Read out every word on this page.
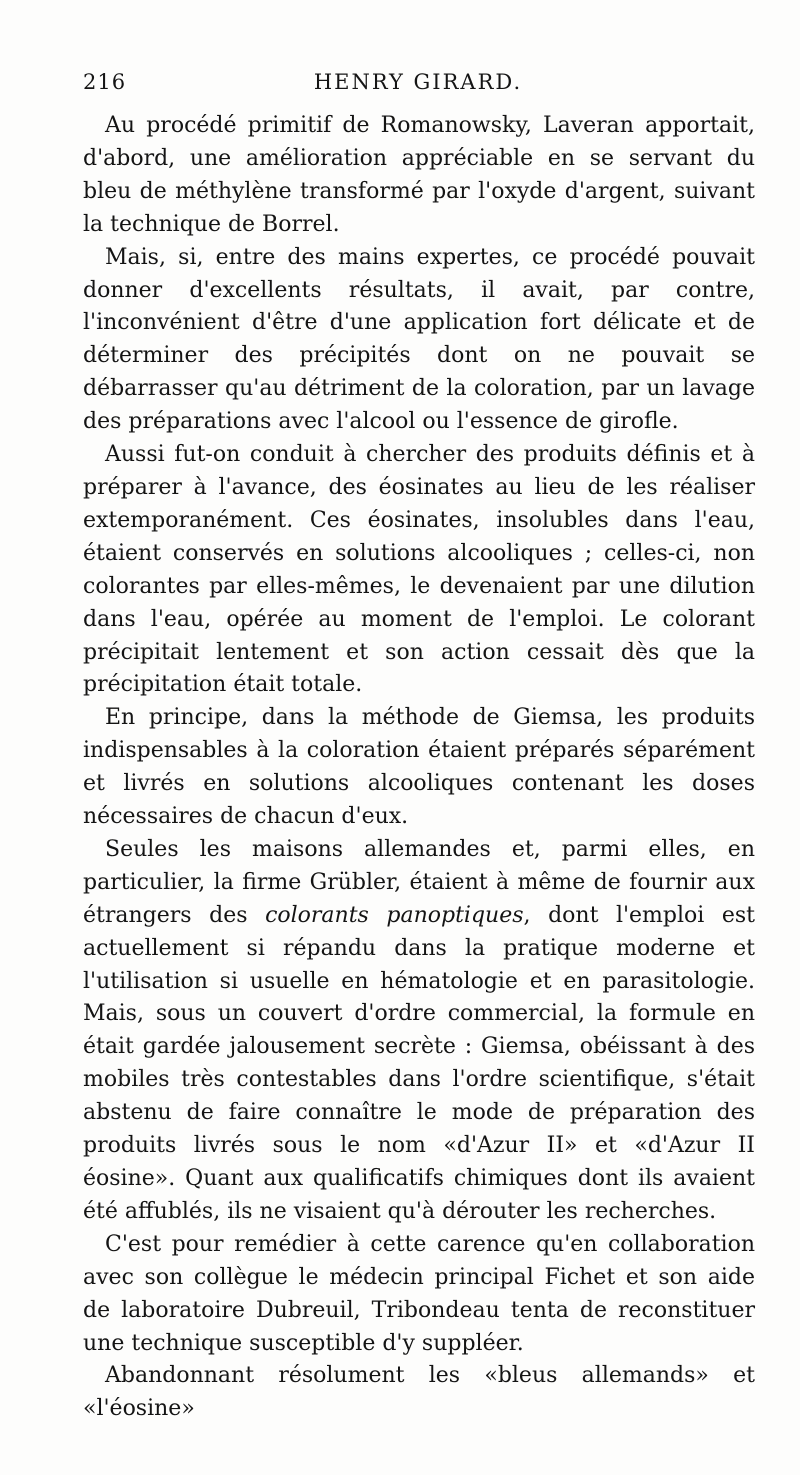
216	HENRY GIRARD.

Au procédé primitif de Romanowsky, Laveran apportait, d'abord, une amélioration appréciable en se servant du bleu de méthylène transformé par l'oxyde d'argent, suivant la technique de Borrel.

Mais, si, entre des mains expertes, ce procédé pouvait donner d'excellents résultats, il avait, par contre, l'inconvénient d'être d'une application fort délicate et de déterminer des précipités dont on ne pouvait se débarrasser qu'au détriment de la coloration, par un lavage des préparations avec l'alcool ou l'essence de girofle.

Aussi fut-on conduit à chercher des produits définis et à préparer à l'avance, des éosinates au lieu de les réaliser extemporanément. Ces éosinates, insolubles dans l'eau, étaient conservés en solutions alcooliques ; celles-ci, non colorantes par elles-mêmes, le devenaient par une dilution dans l'eau, opérée au moment de l'emploi. Le colorant précipitait lentement et son action cessait dès que la précipitation était totale.

En principe, dans la méthode de Giemsa, les produits indispensables à la coloration étaient préparés séparément et livrés en solutions alcooliques contenant les doses nécessaires de chacun d'eux.

Seules les maisons allemandes et, parmi elles, en particulier, la firme Grübler, étaient à même de fournir aux étrangers des colorants panoptiques, dont l'emploi est actuellement si répandu dans la pratique moderne et l'utilisation si usuelle en hématologie et en parasitologie. Mais, sous un couvert d'ordre commercial, la formule en était gardée jalousement secrète : Giemsa, obéissant à des mobiles très contestables dans l'ordre scientifique, s'était abstenu de faire connaître le mode de préparation des produits livrés sous le nom «d'Azur II» et «d'Azur II éosine». Quant aux qualificatifs chimiques dont ils avaient été affublés, ils ne visaient qu'à dérouter les recherches.

C'est pour remédier à cette carence qu'en collaboration avec son collègue le médecin principal Fichet et son aide de laboratoire Dubreuil, Tribondeau tenta de reconstituer une technique susceptible d'y suppléer.

Abandonnant résolument les «bleus allemands» et «l'éosine»
